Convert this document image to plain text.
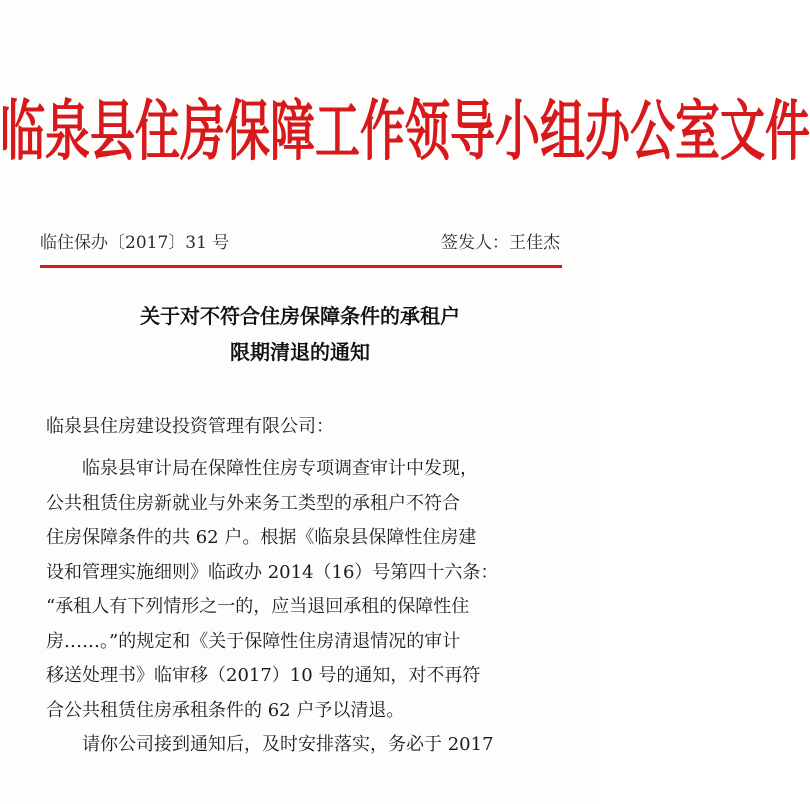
临泉县住房保障工作领导小组办公室文件
临住保办〔2017〕31 号	签发人：王佳杰
关于对不符合住房保障条件的承租户
限期清退的通知
临泉县住房建设投资管理有限公司：
临泉县审计局在保障性住房专项调查审计中发现，
公共租赁住房新就业与外来务工类型的承租户不符合
住房保障条件的共 62 户。根据《临泉县保障性住房建
设和管理实施细则》临政办 2014（16）号第四十六条：
“承租人有下列情形之一的，应当退回承租的保障性住
房……。”的规定和《关于保障性住房清退情况的审计
移送处理书》临审移（2017）10 号的通知，对不再符
合公共租赁住房承租条件的 62 户予以清退。
请你公司接到通知后，及时安排落实，务必于 2017
